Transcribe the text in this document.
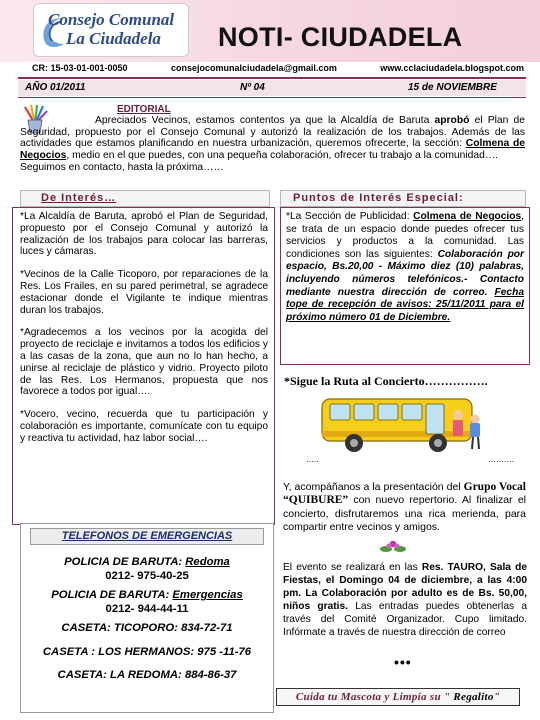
Consejo Comunal
La Ciudadela NOTI- CIUDADELA
CR: 15-03-01-001-0050	consejocomunalciudadela@gmail.com	www.cclaciudadela.blogspot.com
AÑO 01/2011	Nº 04	15 de NOVIEMBRE
EDITORIAL
Apreciados Vecinos, estamos contentos ya que la Alcaldía de Baruta aprobó el Plan de Seguridad, propuesto por el Consejo Comunal y autorizó la realización de los trabajos. Además de las actividades que estamos planificando en nuestra urbanización, queremos ofrecerte, la sección: Colmena de Negocios, medio en el que puedes, con una pequeña colaboración, ofrecer tu trabajo a la comunidad….
Seguimos en contacto, hasta la próxima……
De Interés…	Puntos de Interés Especial:

*La Alcaldía de Baruta, aprobó el Plan de Seguridad, propuesto por el Consejo Comunal y autorizó la realización de los trabajos para colocar las barreras, luces y cámaras.

*Vecinos de la Calle Ticoporo, por reparaciones de la Res. Los Frailes, en su pared perimetral, se agradece estacionar donde el Vigilante te indique mientras duran los trabajos.

*Agradecemos a los vecinos por la acogida del proyecto de reciclaje e invitamos a todos los edificios y a las casas de la zona, que aun no lo han hecho, a unirse al reciclaje de plástico y vidrio. Proyecto piloto de las Res. Los Hermanos, propuesta que nos favorece a todos por igual….

*Vocero, vecino, recuerda que tu participación y colaboración es importante, comunícate con tu equipo y reactiva tu actividad, haz labor social….

TELEFONOS DE EMERGENCIAS
POLICIA DE BARUTA: Redoma
0212- 975-40-25
POLICIA DE BARUTA: Emergencias
0212- 944-44-11
CASETA: TICOPORO: 834-72-71
CASETA : LOS HERMANOS: 975 -11-76
CASETA: LA REDOMA: 884-86-37
*La Sección de Publicidad: Colmena de Negocios, se trata de un espacio donde puedes ofrecer tus servicios y productos a la comunidad. Las condiciones son las siguientes: Colaboración por espacio, Bs.20,00 - Máximo diez (10) palabras, incluyendo números telefónicos.- Contacto mediante nuestra dirección de correo. Fecha tope de recepción de avisos: 25/11/2011 para el próximo número 01 de Diciembre.
*Sigue la Ruta al Concierto…………….
…..	…….…
Y, acompáñanos a la presentación del Grupo Vocal “QUIBURE” con nuevo repertorio. Al finalizar el concierto, disfrutaremos una rica merienda, para compartir entre vecinos y amigos.
El evento se realizará en las Res. TAURO, Sala de Fiestas, el Domingo 04 de diciembre, a las 4:00 pm. La Colaboración por adulto es de Bs. 50,00, niños gratis. Las entradas puedes obtenerlas a través del Comité Organizador. Cupo limitado. Infórmate a través de nuestra dirección de correo
•••
Cuida tu Mascota y Limpia su " Regalito"
